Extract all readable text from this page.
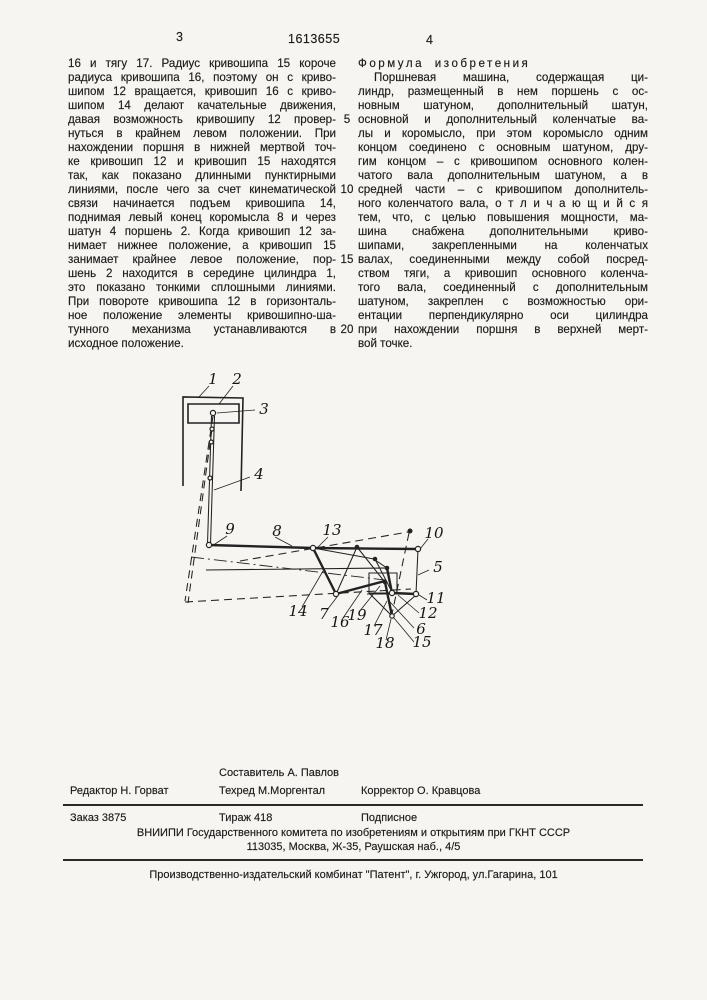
3	1613655	4
16 и тягу 17. Радиус кривошипа 15 короче
радиуса кривошипа 16, поэтому он с криво-
шипом 12 вращается, кривошип 16 с криво-
шипом 14 делают качательные движения,
давая возможность кривошипу 12 провер-
нуться в крайнем левом положении. При
нахождении поршня в нижней мертвой точ-
ке кривошип 12 и кривошип 15 находятся
так, как показано длинными пунктирными
линиями, после чего за счет кинематической
связи начинается подъем кривошипа 14,
поднимая левый конец коромысла 8 и через
шатун 4 поршень 2. Когда кривошип 12 за-
нимает нижнее положение, а кривошип 15
занимает крайнее левое положение, пор-
шень 2 находится в середине цилиндра 1,
это показано тонкими сплошными линиями.
При повороте кривошипа 12 в горизонталь-
ное положение элементы кривошипно-ша-
тунного механизма устанавливаются в
исходное положение.
5
10
15
20
Формула изобретения
Поршневая машина, содержащая ци-
линдр, размещенный в нем поршень с ос-
новным шатуном, дополнительный шатун,
основной и дополнительный коленчатые ва-
лы и коромысло, при этом коромысло одним
концом соединено с основным шатуном, дру-
гим концом – с кривошипом основного колен-
чатого вала дополнительным шатуном, а в
средней части – с кривошипом дополнитель-
ного коленчатого вала, о т л и ч а ю щ и й с я
тем, что, с целью повышения мощности, ма-
шина снабжена дополнительными криво-
шипами, закрепленными на коленчатых
валах, соединенными между собой посред-
ством тяги, а кривошип основного коленча-
того вала, соединенный с дополнительным
шатуном, закреплен с возможностью ори-
ентации перпендикулярно оси цилиндра
при нахождении поршня в верхней мерт-
вой точке.
1 2
3
4
5
6
7
8
9	10
11
12
13
14
15
16 17
18
19
Составитель А. Павлов
Редактор Н. Горват	Техред М.Моргентал	Корректор О. Кравцова
Заказ 3875	Тираж 418	Подписное
ВНИИПИ Государственного комитета по изобретениям и открытиям при ГКНТ СССР
113035, Москва, Ж-35, Раушская наб., 4/5
Производственно-издательский комбинат "Патент", г. Ужгород, ул.Гагарина, 101
